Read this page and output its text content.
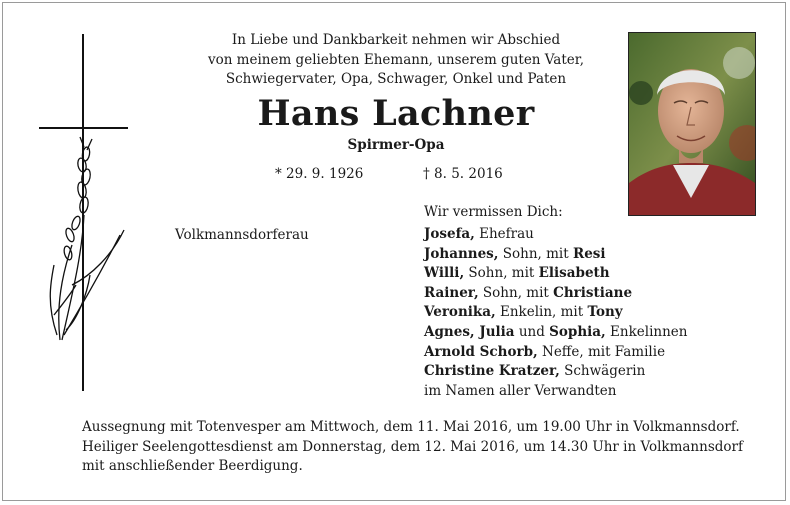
In Liebe und Dankbarkeit nehmen wir Abschied
von meinem geliebten Ehemann, unserem guten Vater,
Schwiegervater, Opa, Schwager, Onkel und Paten
Hans Lachner
Spirmer-Opa
* 29. 9. 1926	† 8. 5. 2016
Wir vermissen Dich:
Volkmannsdorferau	Josefa, Ehefrau
Johannes, Sohn, mit Resi
Willi, Sohn, mit Elisabeth
Rainer, Sohn, mit Christiane
Veronika, Enkelin, mit Tony
Agnes, Julia und Sophia, Enkelinnen
Arnold Schorb, Neffe, mit Familie
Christine Kratzer, Schwägerin
im Namen aller Verwandten
Aussegnung mit Totenvesper am Mittwoch, dem 11. Mai 2016, um 19.00 Uhr in Volkmannsdorf.
Heiliger Seelengottesdienst am Donnerstag, dem 12. Mai 2016, um 14.30 Uhr in Volkmannsdorf
mit anschließender Beerdigung.
